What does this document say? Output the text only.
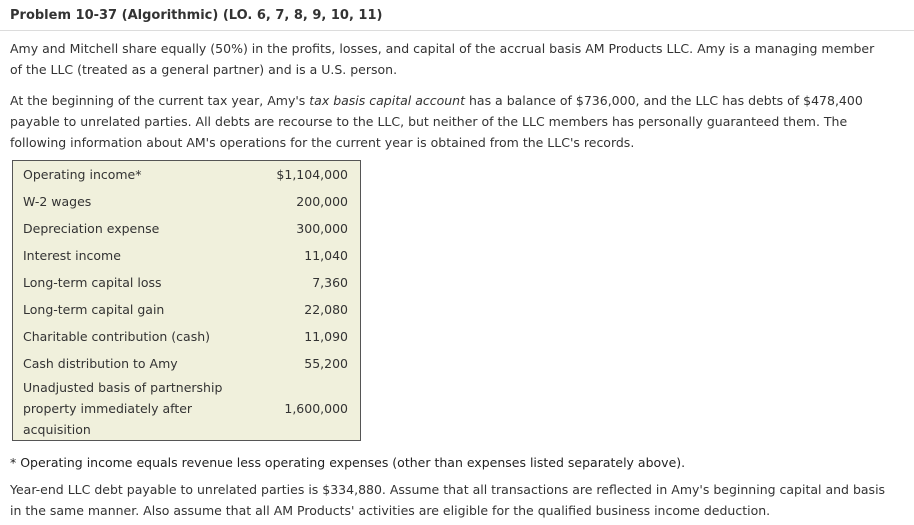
Problem 10-37 (Algorithmic) (LO. 6, 7, 8, 9, 10, 11)

Amy and Mitchell share equally (50%) in the profits, losses, and capital of the accrual basis AM Products LLC. Amy is a managing member of the LLC (treated as a general partner) and is a U.S. person.

At the beginning of the current tax year, Amy's tax basis capital account has a balance of $736,000, and the LLC has debts of $478,400 payable to unrelated parties. All debts are recourse to the LLC, but neither of the LLC members has personally guaranteed them. The following information about AM's operations for the current year is obtained from the LLC's records.

Operating income*	$1,104,000
W-2 wages	200,000
Depreciation expense	300,000
Interest income	11,040
Long-term capital loss	7,360
Long-term capital gain	22,080
Charitable contribution (cash)	11,090
Cash distribution to Amy	55,200
Unadjusted basis of partnership property immediately after acquisition	1,600,000

* Operating income equals revenue less operating expenses (other than expenses listed separately above).

Year-end LLC debt payable to unrelated parties is $334,880. Assume that all transactions are reflected in Amy's beginning capital and basis in the same manner. Also assume that all AM Products' activities are eligible for the qualified business income deduction.
